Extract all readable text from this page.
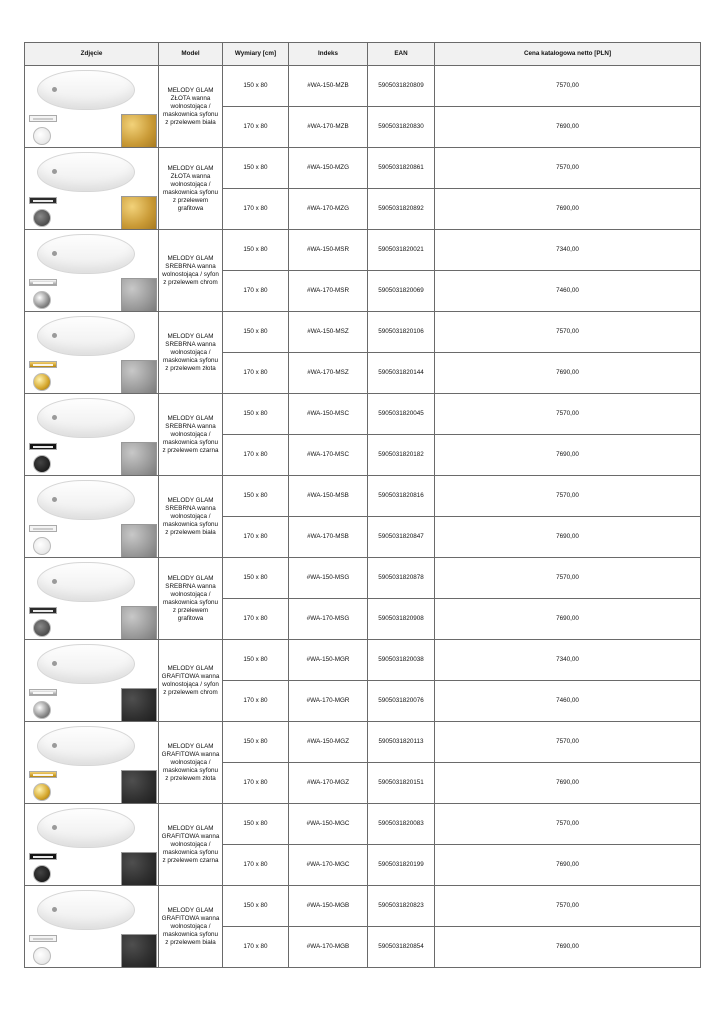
Zdjęcie	Model	Wymiary [cm]	Indeks	EAN	Cena katalogowa netto [PLN]

	MELODY GLAM ZŁOTA wanna wolnostojąca / maskownica syfonu z przelewem biała	150 x 80	#WA-150-MZB	5905031820809	7570,00
		170 x 80	#WA-170-MZB	5905031820830	7690,00

	MELODY GLAM ZŁOTA wanna wolnostojąca / maskownica syfonu z przelewem grafitowa	150 x 80	#WA-150-MZG	5905031820861	7570,00
		170 x 80	#WA-170-MZG	5905031820892	7690,00

	MELODY GLAM SREBRNA wanna wolnostojąca / syfon z przelewem chrom	150 x 80	#WA-150-MSR	5905031820021	7340,00
		170 x 80	#WA-170-MSR	5905031820069	7460,00

	MELODY GLAM SREBRNA wanna wolnostojąca / maskownica syfonu z przelewem złota	150 x 80	#WA-150-MSZ	5905031820106	7570,00
		170 x 80	#WA-170-MSZ	5905031820144	7690,00

	MELODY GLAM SREBRNA wanna wolnostojąca / maskownica syfonu z przelewem czarna	150 x 80	#WA-150-MSC	5905031820045	7570,00
		170 x 80	#WA-170-MSC	5905031820182	7690,00

	MELODY GLAM SREBRNA wanna wolnostojąca / maskownica syfonu z przelewem biała	150 x 80	#WA-150-MSB	5905031820816	7570,00
		170 x 80	#WA-170-MSB	5905031820847	7690,00

	MELODY GLAM SREBRNA wanna wolnostojąca / maskownica syfonu z przelewem grafitowa	150 x 80	#WA-150-MSG	5905031820878	7570,00
		170 x 80	#WA-170-MSG	5905031820908	7690,00

	MELODY GLAM GRAFITOWA wanna wolnostojąca / syfon z przelewem chrom	150 x 80	#WA-150-MGR	5905031820038	7340,00
		170 x 80	#WA-170-MGR	5905031820076	7460,00

	MELODY GLAM GRAFITOWA wanna wolnostojąca / maskownica syfonu z przelewem złota	150 x 80	#WA-150-MGZ	5905031820113	7570,00
		170 x 80	#WA-170-MGZ	5905031820151	7690,00

	MELODY GLAM GRAFITOWA wanna wolnostojąca / maskownica syfonu z przelewem czarna	150 x 80	#WA-150-MGC	5905031820083	7570,00
		170 x 80	#WA-170-MGC	5905031820199	7690,00

	MELODY GLAM GRAFITOWA wanna wolnostojąca / maskownica syfonu z przelewem biała	150 x 80	#WA-150-MGB	5905031820823	7570,00
		170 x 80	#WA-170-MGB	5905031820854	7690,00
